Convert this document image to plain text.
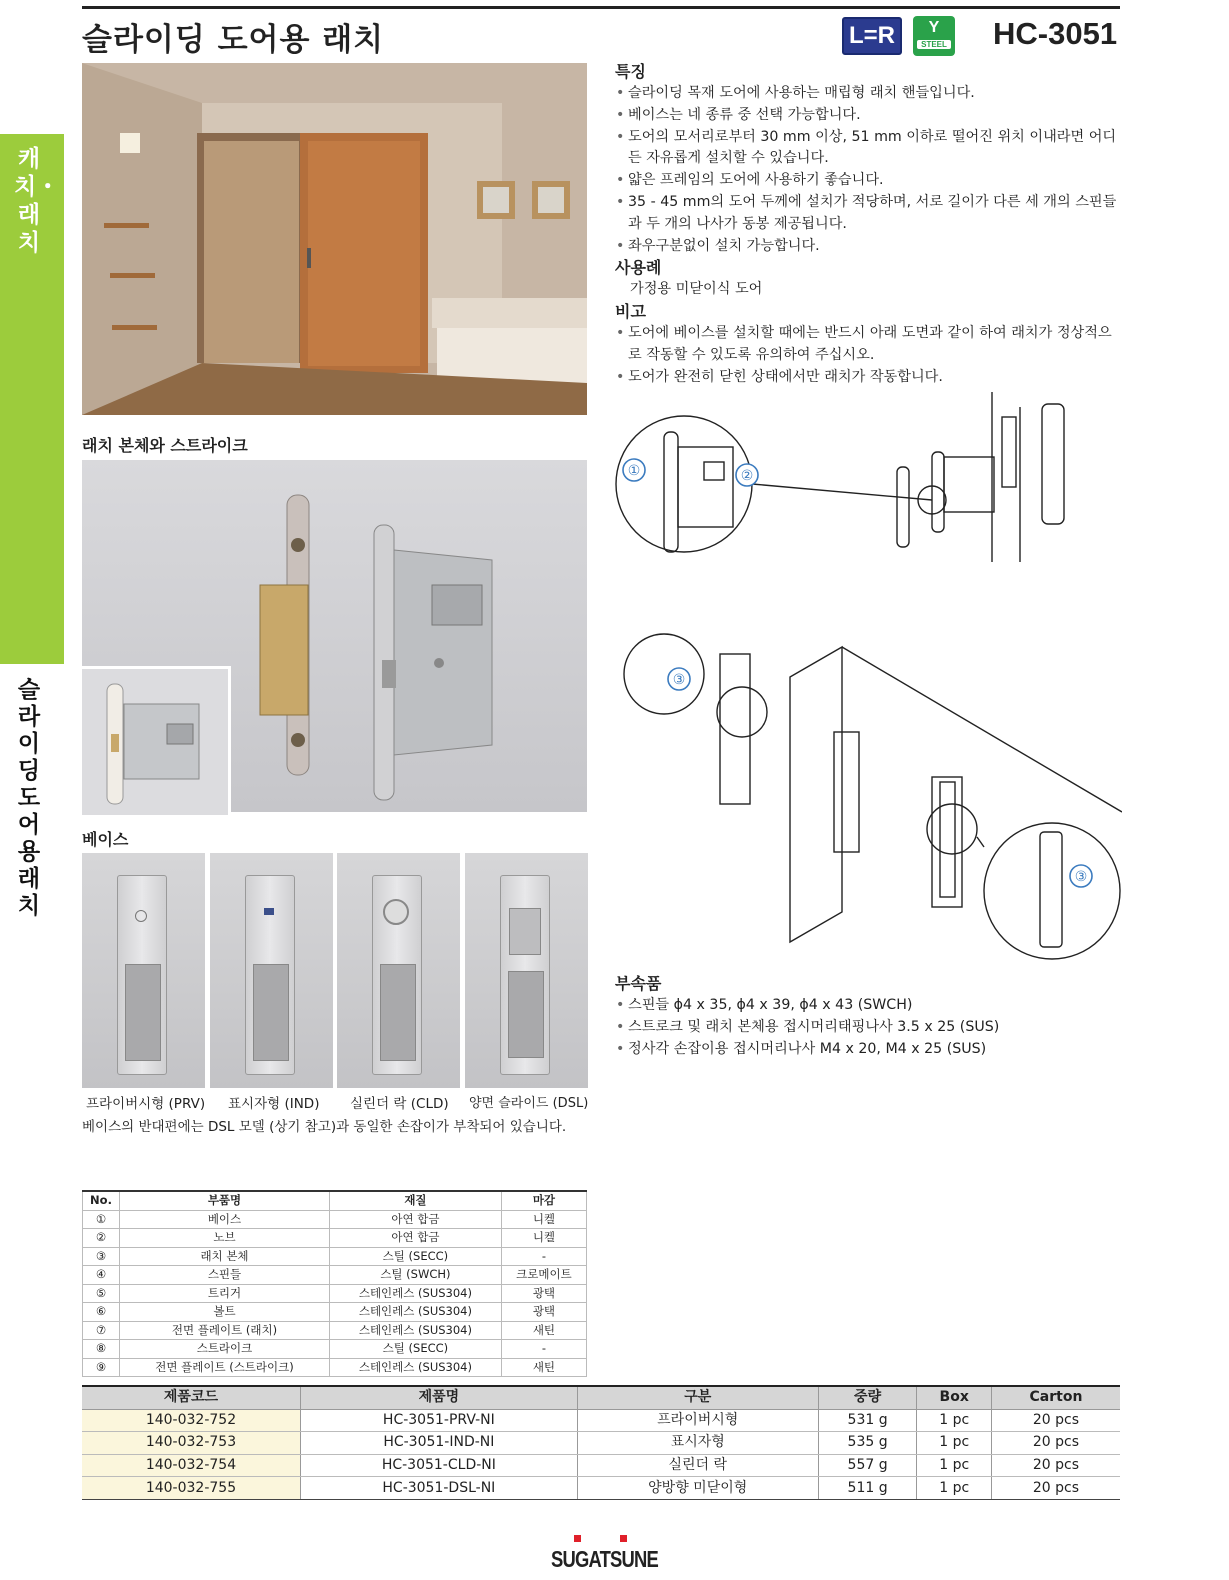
슬라이딩 도어용 래치	L=R	Y
STEEL HC-3051
캐치・래치
슬라이딩도어용래치
래치 본체와 스트라이크
베이스
프라이버시형 (PRV) 표시자형 (IND) 실린더 락 (CLD) 양면 슬라이드 (DSL)
베이스의 반대편에는 DSL 모델 (상기 참고)과 동일한 손잡이가 부착되어 있습니다.
특징
• 슬라이딩 목재 도어에 사용하는 매립형 래치 핸들입니다.
• 베이스는 네 종류 중 선택 가능합니다.
• 도어의 모서리로부터 30 mm 이상, 51 mm 이하로 떨어진 위치 이내라면 어디든 자유롭게 설치할 수 있습니다.
• 얇은 프레임의 도어에 사용하기 좋습니다.
• 35 - 45 mm의 도어 두께에 설치가 적당하며, 서로 길이가 다른 세 개의 스핀들과 두 개의 나사가 동봉 제공됩니다.
• 좌우구분없이 설치 가능합니다.
사용례

가정용 미닫이식 도어

비고
• 도어에 베이스를 설치할 때에는 반드시 아래 도면과 같이 하여 래치가 정상적으로 작동할 수 있도록 유의하여 주십시오.
• 도어가 완전히 닫힌 상태에서만 래치가 작동합니다.
①	②
③
③
부속품
• 스핀들 ϕ4 x 35, ϕ4 x 39, ϕ4 x 43 (SWCH)
• 스트로크 및 래치 본체용 접시머리태핑나사 3.5 x 25 (SUS)
• 정사각 손잡이용 접시머리나사 M4 x 20, M4 x 25 (SUS)
No.	부품명	재질	마감
①	베이스	아연 합금	니켈
②	노브	아연 합금	니켈
③	래치 본체	스틸 (SECC)	-
④	스핀들	스틸 (SWCH)	크로메이트
⑤	트리거	스테인레스 (SUS304)	광택
⑥	볼트	스테인레스 (SUS304)	광택
⑦	전면 플레이트 (래치)	스테인레스 (SUS304)	새틴
⑧	스트라이크	스틸 (SECC)	-
⑨	전면 플레이트 (스트라이크)	스테인레스 (SUS304)	새틴
제품코드	제품명	구분	중량	Box	Carton
140-032-752	HC-3051-PRV-NI	프라이버시형	531 g	1 pc	20 pcs
140-032-753	HC-3051-IND-NI	표시자형	535 g	1 pc	20 pcs
140-032-754	HC-3051-CLD-NI	실린더 락	557 g	1 pc	20 pcs
140-032-755	HC-3051-DSL-NI	양방향 미닫이형	511 g	1 pc	20 pcs
SUGATSUNE
